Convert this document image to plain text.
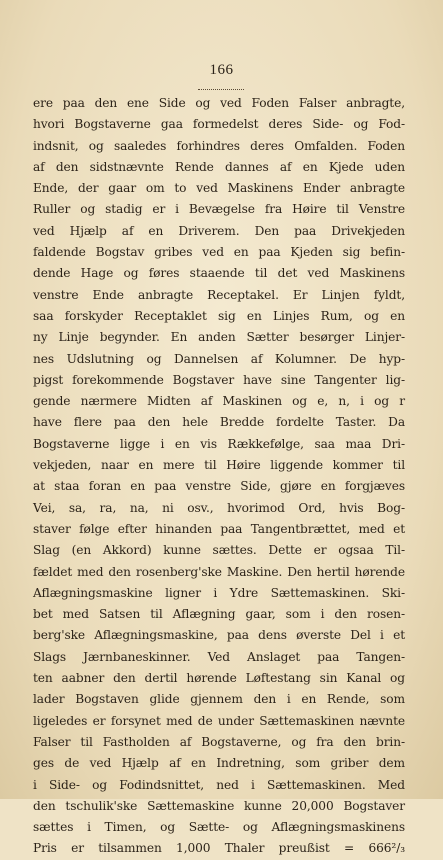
166
ere paa den ene Side og ved Foden Falser anbragte,
hvori Bogstaverne gaa formedelst deres Side- og Fod-
indsnit, og saaledes forhindres deres Omfalden. Foden
af den sidstnævnte Rende dannes af en Kjede uden
Ende, der gaar om to ved Maskinens Ender anbragte
Ruller og stadig er i Bevægelse fra Høire til Venstre
ved Hjælp af en Driverem. Den paa Drivekjeden
faldende Bogstav gribes ved en paa Kjeden sig befin-
dende Hage og føres staaende til det ved Maskinens
venstre Ende anbragte Receptakel. Er Linjen fyldt,
saa forskyder Receptaklet sig en Linjes Rum, og en
ny Linje begynder. En anden Sætter besørger Linjer-
nes Udslutning og Dannelsen af Kolumner. De hyp-
pigst forekommende Bogstaver have sine Tangenter lig-
gende nærmere Midten af Maskinen og e, n, i og r
have flere paa den hele Bredde fordelte Taster. Da
Bogstaverne ligge i en vis Rækkefølge, saa maa Dri-
vekjeden, naar en mere til Høire liggende kommer til
at staa foran en paa venstre Side, gjøre en forgjæves
Vei, sa, ra, na, ni osv., hvorimod Ord, hvis Bog-
staver følge efter hinanden paa Tangentbrættet, med et
Slag (en Akkord) kunne sættes. Dette er ogsaa Til-
fældet med den rosenberg'ske Maskine. Den hertil hørende
Aflægningsmaskine ligner i Ydre Sættemaskinen. Ski-
bet med Satsen til Aflægning gaar, som i den rosen-
berg'ske Aflægningsmaskine, paa dens øverste Del i et
Slags Jærnbaneskinner. Ved Anslaget paa Tangen-
ten aabner den dertil hørende Løftestang sin Kanal og
lader Bogstaven glide gjennem den i en Rende, som
ligeledes er forsynet med de under Sættemaskinen nævnte
Falser til Fastholden af Bogstaverne, og fra den brin-
ges de ved Hjælp af en Indretning, som griber dem
i Side- og Fodindsnittet, ned i Sættemaskinen. Med
den tschulik'ske Sættemaskine kunne 20,000 Bogstaver
sættes i Timen, og Sætte- og Aflægningsmaskinens
Pris er tilsammen 1,000 Thaler preußist = 666²/₃
